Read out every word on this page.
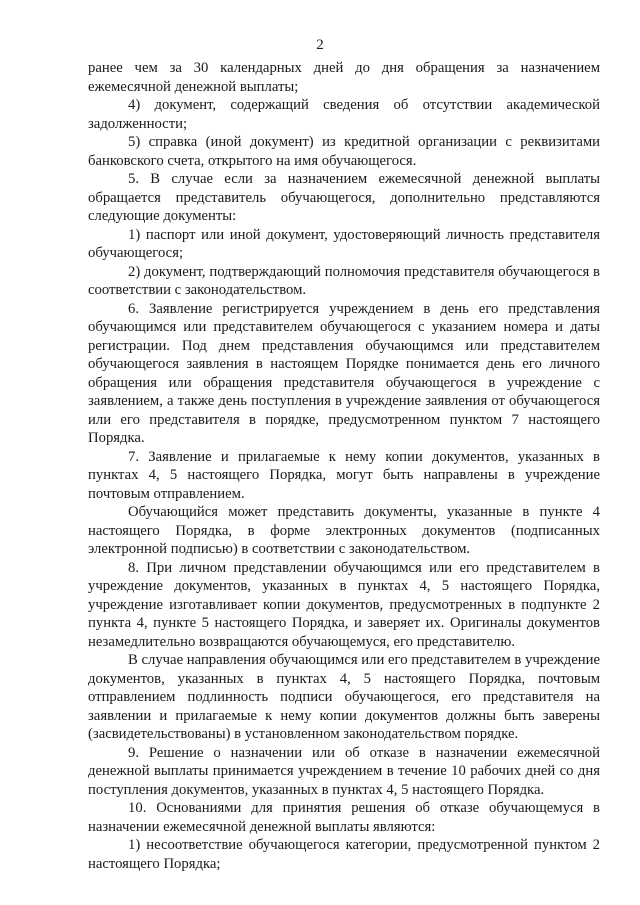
2

ранее чем за 30 календарных дней до дня обращения за назначением ежемесячной денежной выплаты;

4) документ, содержащий сведения об отсутствии академической задолженности;

5) справка (иной документ) из кредитной организации с реквизитами банковского счета, открытого на имя обучающегося.

5. В случае если за назначением ежемесячной денежной выплаты обращается представитель обучающегося, дополнительно представляются следующие документы:

1) паспорт или иной документ, удостоверяющий личность представителя обучающегося;

2) документ, подтверждающий полномочия представителя обучающегося в соответствии с законодательством.

6. Заявление регистрируется учреждением в день его представления обучающимся или представителем обучающегося с указанием номера и даты регистрации. Под днем представления обучающимся или представителем обучающегося заявления в настоящем Порядке понимается день его личного обращения или обращения представителя обучающегося в учреждение с заявлением, а также день поступления в учреждение заявления от обучающегося или его представителя в порядке, предусмотренном пунктом 7 настоящего Порядка.

7. Заявление и прилагаемые к нему копии документов, указанных в пунктах 4, 5 настоящего Порядка, могут быть направлены в учреждение почтовым отправлением.

Обучающийся может представить документы, указанные в пункте 4 настоящего Порядка, в форме электронных документов (подписанных электронной подписью) в соответствии с законодательством.

8. При личном представлении обучающимся или его представителем в учреждение документов, указанных в пунктах 4, 5 настоящего Порядка, учреждение изготавливает копии документов, предусмотренных в подпункте 2 пункта 4, пункте 5 настоящего Порядка, и заверяет их. Оригиналы документов незамедлительно возвращаются обучающемуся, его представителю.

В случае направления обучающимся или его представителем в учреждение документов, указанных в пунктах 4, 5 настоящего Порядка, почтовым отправлением подлинность подписи обучающегося, его представителя на заявлении и прилагаемые к нему копии документов должны быть заверены (засвидетельствованы) в установленном законодательством порядке.

9. Решение о назначении или об отказе в назначении ежемесячной денежной выплаты принимается учреждением в течение 10 рабочих дней со дня поступления документов, указанных в пунктах 4, 5 настоящего Порядка.

10. Основаниями для принятия решения об отказе обучающемуся в назначении ежемесячной денежной выплаты являются:

1) несоответствие обучающегося категории, предусмотренной пунктом 2 настоящего Порядка;
